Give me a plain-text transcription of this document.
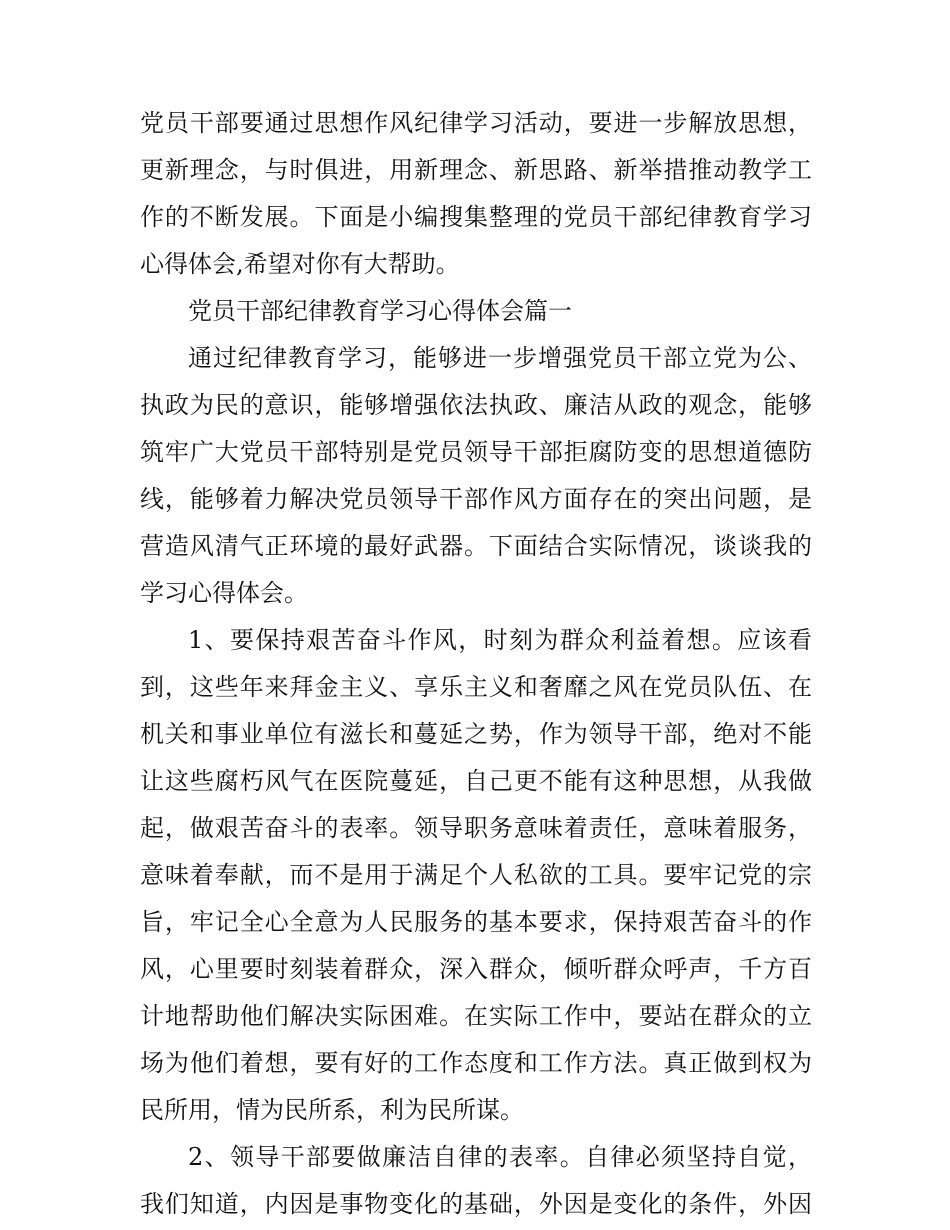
党员干部要通过思想作风纪律学习活动，要进一步解放思想，
更新理念，与时俱进，用新理念、新思路、新举措推动教学工
作的不断发展。下面是小编搜集整理的党员干部纪律教育学习
心得体会,希望对你有大帮助。
党员干部纪律教育学习心得体会篇一
通过纪律教育学习，能够进一步增强党员干部立党为公、
执政为民的意识，能够增强依法执政、廉洁从政的观念，能够
筑牢广大党员干部特别是党员领导干部拒腐防变的思想道德防
线，能够着力解决党员领导干部作风方面存在的突出问题，是
营造风清气正环境的最好武器。下面结合实际情况，谈谈我的
学习心得体会。
1、要保持艰苦奋斗作风，时刻为群众利益着想。应该看
到，这些年来拜金主义、享乐主义和奢靡之风在党员队伍、在
机关和事业单位有滋长和蔓延之势，作为领导干部，绝对不能
让这些腐朽风气在医院蔓延，自己更不能有这种思想，从我做
起，做艰苦奋斗的表率。领导职务意味着责任，意味着服务，
意味着奉献，而不是用于满足个人私欲的工具。要牢记党的宗
旨，牢记全心全意为人民服务的基本要求，保持艰苦奋斗的作
风，心里要时刻装着群众，深入群众，倾听群众呼声，千方百
计地帮助他们解决实际困难。在实际工作中，要站在群众的立
场为他们着想，要有好的工作态度和工作方法。真正做到权为
民所用，情为民所系，利为民所谋。
2、领导干部要做廉洁自律的表率。自律必须坚持自觉，
我们知道，内因是事物变化的基础，外因是变化的条件，外因
